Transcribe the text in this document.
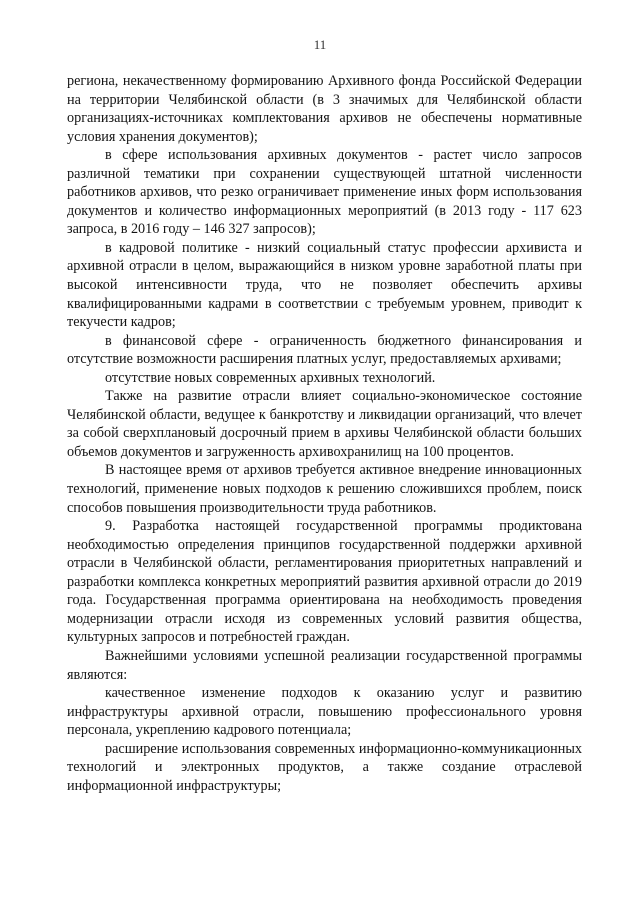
11

региона, некачественному формированию Архивного фонда Российской Федерации на территории Челябинской области (в 3 значимых для Челябинской области организациях-источниках комплектования архивов не обеспечены нормативные условия хранения документов);

в сфере использования архивных документов - растет число запросов различной тематики при сохранении существующей штатной численности работников архивов, что резко ограничивает применение иных форм использования документов и количество информационных мероприятий (в 2013 году - 117 623 запроса, в 2016 году – 146 327 запросов);

в кадровой политике - низкий социальный статус профессии архивиста и архивной отрасли в целом, выражающийся в низком уровне заработной платы при высокой интенсивности труда, что не позволяет обеспечить архивы квалифицированными кадрами в соответствии с требуемым уровнем, приводит к текучести кадров;

в финансовой сфере - ограниченность бюджетного финансирования и отсутствие возможности расширения платных услуг, предоставляемых архивами;

отсутствие новых современных архивных технологий.

Также на развитие отрасли влияет социально-экономическое состояние Челябинской области, ведущее к банкротству и ликвидации организаций, что влечет за собой сверхплановый досрочный прием в архивы Челябинской области больших объемов документов и загруженность архивохранилищ на 100 процентов.

В настоящее время от архивов требуется активное внедрение инновационных технологий, применение новых подходов к решению сложившихся проблем, поиск способов повышения производительности труда работников.

9. Разработка настоящей государственной программы продиктована необходимостью определения принципов государственной поддержки архивной отрасли в Челябинской области, регламентирования приоритетных направлений и разработки комплекса конкретных мероприятий развития архивной отрасли до 2019 года. Государственная программа ориентирована на необходимость проведения модернизации отрасли исходя из современных условий развития общества, культурных запросов и потребностей граждан.

Важнейшими условиями успешной реализации государственной программы являются:

качественное изменение подходов к оказанию услуг и развитию инфраструктуры архивной отрасли, повышению профессионального уровня персонала, укреплению кадрового потенциала;

расширение использования современных информационно-коммуникационных технологий и электронных продуктов, а также создание отраслевой информационной инфраструктуры;
